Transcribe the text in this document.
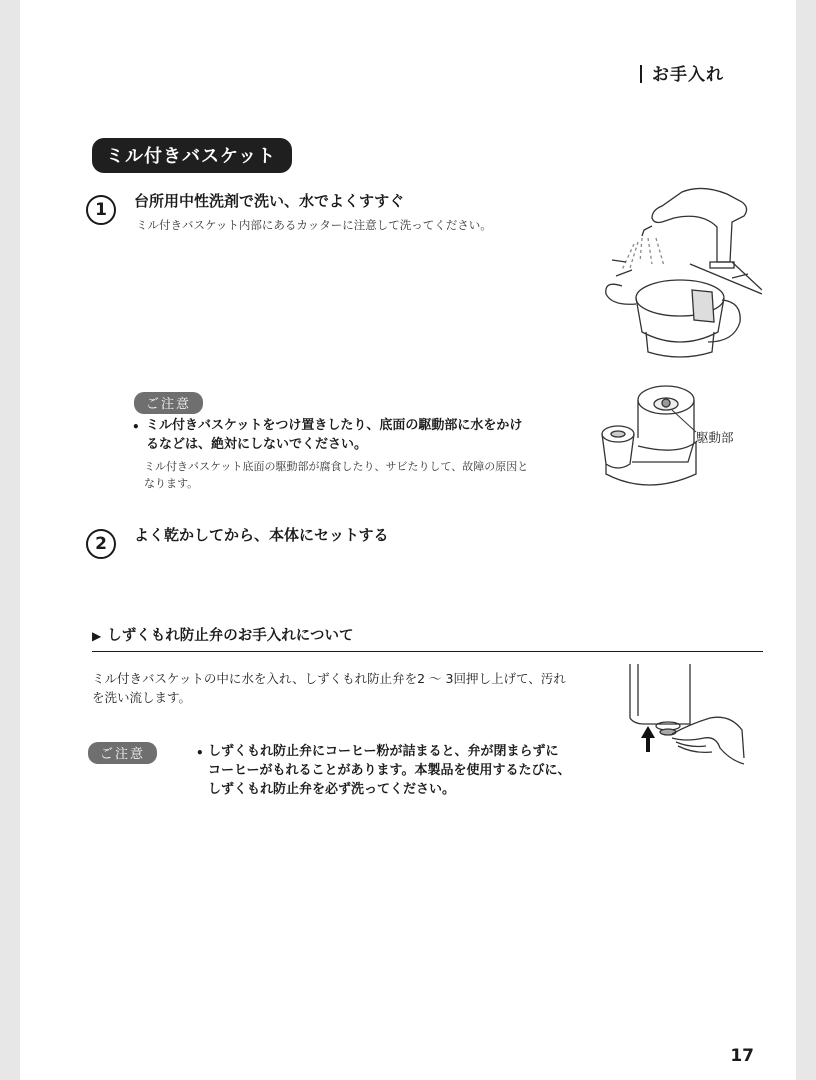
お手入れ
ミル付きバスケット
1	台所用中性洗剤で洗い、水でよくすすぐ
ミル付きバスケット内部にあるカッターに注意して洗ってください。
ご注意
• ミル付きバスケットをつけ置きしたり、底面の駆動部に水をかけ
るなどは、絶対にしないでください。
ミル付きバスケット底面の駆動部が腐食したり、サビたりして、故障の原因と
なります。
駆動部
2	よく乾かしてから、本体にセットする
▶ しずくもれ防止弁のお手入れについて
ミル付きバスケットの中に水を入れ、しずくもれ防止弁を2 ～ 3回押し上げて、汚れ
を洗い流します。
ご注意	• しずくもれ防止弁にコーヒー粉が詰まると、弁が閉まらずに
コーヒーがもれることがあります。本製品を使用するたびに、
しずくもれ防止弁を必ず洗ってください。
17
